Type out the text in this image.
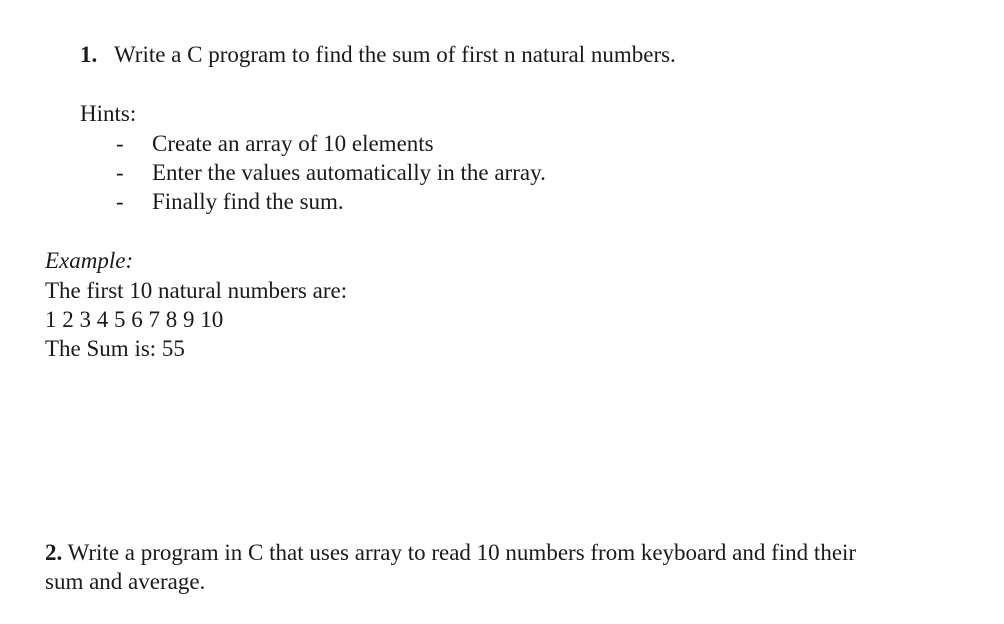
1. Write a C program to find the sum of first n natural numbers.
Hints:
- Create an array of 10 elements
- Enter the values automatically in the array.
- Finally find the sum.
Example:
The first 10 natural numbers are:
1 2 3 4 5 6 7 8 9 10
The Sum is: 55
2. Write a program in C that uses array to read 10 numbers from keyboard and find their
sum and average.
